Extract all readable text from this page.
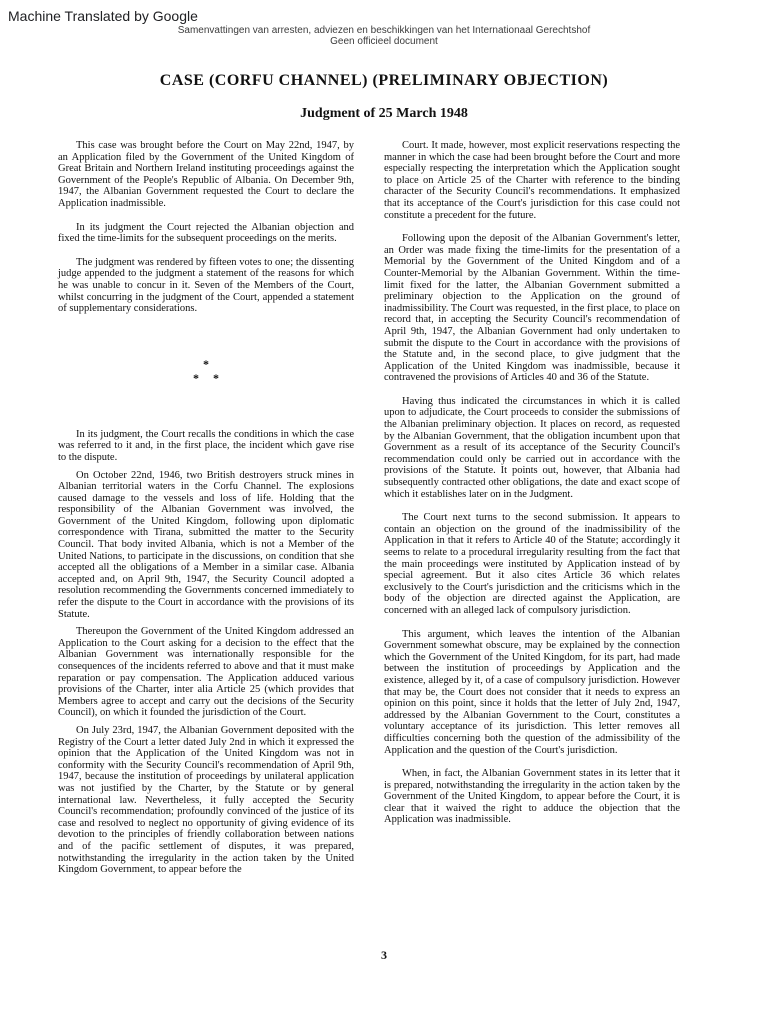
Machine Translated by Google
Samenvattingen van arresten, adviezen en beschikkingen van het Internationaal Gerechtshof
Geen officieel document
CASE (CORFU CHANNEL) (PRELIMINARY OBJECTION)
Judgment of 25 March 1948

This case was brought before the Court on May 22nd, 1947, by an Application filed by the Government of the United Kingdom of Great Britain and Northern Ireland instituting proceedings against the Government of the People's Republic of Albania. On December 9th, 1947, the Albanian Government requested the Court to declare the Application inadmissible.

In its judgment the Court rejected the Albanian objection and fixed the time-limits for the subsequent proceedings on the merits.

The judgment was rendered by fifteen votes to one; the dissenting judge appended to the judgment a statement of the reasons for which he was unable to concur in it. Seven of the Members of the Court, whilst concurring in the judgment of the Court, appended a statement of supplementary considerations.

*
**

In its judgment, the Court recalls the conditions in which the case was referred to it and, in the first place, the incident which gave rise to the dispute.

On October 22nd, 1946, two British destroyers struck mines in Albanian territorial waters in the Corfu Channel. The explosions caused damage to the vessels and loss of life. Holding that the responsibility of the Albanian Government was involved, the Government of the United Kingdom, following upon diplomatic correspondence with Tirana, submitted the matter to the Security Council. That body invited Albania, which is not a Member of the United Nations, to participate in the discussions, on condition that she accepted all the obligations of a Member in a similar case. Albania accepted and, on April 9th, 1947, the Security Council adopted a resolution recommending the Governments concerned immediately to refer the dispute to the Court in accordance with the provisions of its Statute.

Thereupon the Government of the United Kingdom addressed an Application to the Court asking for a decision to the effect that the Albanian Government was internationally responsible for the consequences of the incidents referred to above and that it must make reparation or pay compensation. The Application adduced various provisions of the Charter, inter alia Article 25 (which provides that Members agree to accept and carry out the decisions of the Security Council), on which it founded the jurisdiction of the Court.

On July 23rd, 1947, the Albanian Government deposited with the Registry of the Court a letter dated July 2nd in which it expressed the opinion that the Application of the United Kingdom was not in conformity with the Security Council's recommendation of April 9th, 1947, because the institution of proceedings by unilateral application was not justified by the Charter, by the Statute or by general international law. Nevertheless, it fully accepted the Security Council's recommendation; profoundly convinced of the justice of its case and resolved to neglect no opportunity of giving evidence of its devotion to the principles of friendly collaboration between nations and of the pacific settlement of disputes, it was prepared, notwithstanding the irregularity in the action taken by the United Kingdom Government, to appear before the

Court. It made, however, most explicit reservations respecting the manner in which the case had been brought before the Court and more especially respecting the interpretation which the Application sought to place on Article 25 of the Charter with reference to the binding character of the Security Council's recommendations. It emphasized that its acceptance of the Court's jurisdiction for this case could not constitute a precedent for the future.

Following upon the deposit of the Albanian Government's letter, an Order was made fixing the time-limits for the presentation of a Memorial by the Government of the United Kingdom and of a Counter-Memorial by the Albanian Government. Within the time-limit fixed for the latter, the Albanian Government submitted a preliminary objection to the Application on the ground of inadmissibility. The Court was requested, in the first place, to place on record that, in accepting the Security Council's recommendation of April 9th, 1947, the Albanian Government had only undertaken to submit the dispute to the Court in accordance with the provisions of the Statute and, in the second place, to give judgment that the Application of the United Kingdom was inadmissible, because it contravened the provisions of Articles 40 and 36 of the Statute.

Having thus indicated the circumstances in which it is called upon to adjudicate, the Court proceeds to consider the submissions of the Albanian preliminary objection. It places on record, as requested by the Albanian Government, that the obligation incumbent upon that Government as a result of its acceptance of the Security Council's recommendation could only be carried out in accordance with the provisions of the Statute. It points out, however, that Albania had subsequently contracted other obligations, the date and exact scope of which it establishes later on in the Judgment.

The Court next turns to the second submission. It appears to contain an objection on the ground of the inadmissibility of the Application in that it refers to Article 40 of the Statute; accordingly it seems to relate to a procedural irregularity resulting from the fact that the main proceedings were instituted by Application instead of by special agreement. But it also cites Article 36 which relates exclusively to the Court's jurisdiction and the criticisms which in the body of the objection are directed against the Application, are concerned with an alleged lack of compulsory jurisdiction.

This argument, which leaves the intention of the Albanian Government somewhat obscure, may be explained by the connection which the Government of the United Kingdom, for its part, had made between the institution of proceedings by Application and the existence, alleged by it, of a case of compulsory jurisdiction. However that may be, the Court does not consider that it needs to express an opinion on this point, since it holds that the letter of July 2nd, 1947, addressed by the Albanian Government to the Court, constitutes a voluntary acceptance of its jurisdiction. This letter removes all difficulties concerning both the question of the admissibility of the Application and the question of the Court's jurisdiction.

When, in fact, the Albanian Government states in its letter that it is prepared, notwithstanding the irregularity in the action taken by the Government of the United Kingdom, to appear before the Court, it is clear that it waived the right to adduce the objection that the Application was inadmissible.

3
